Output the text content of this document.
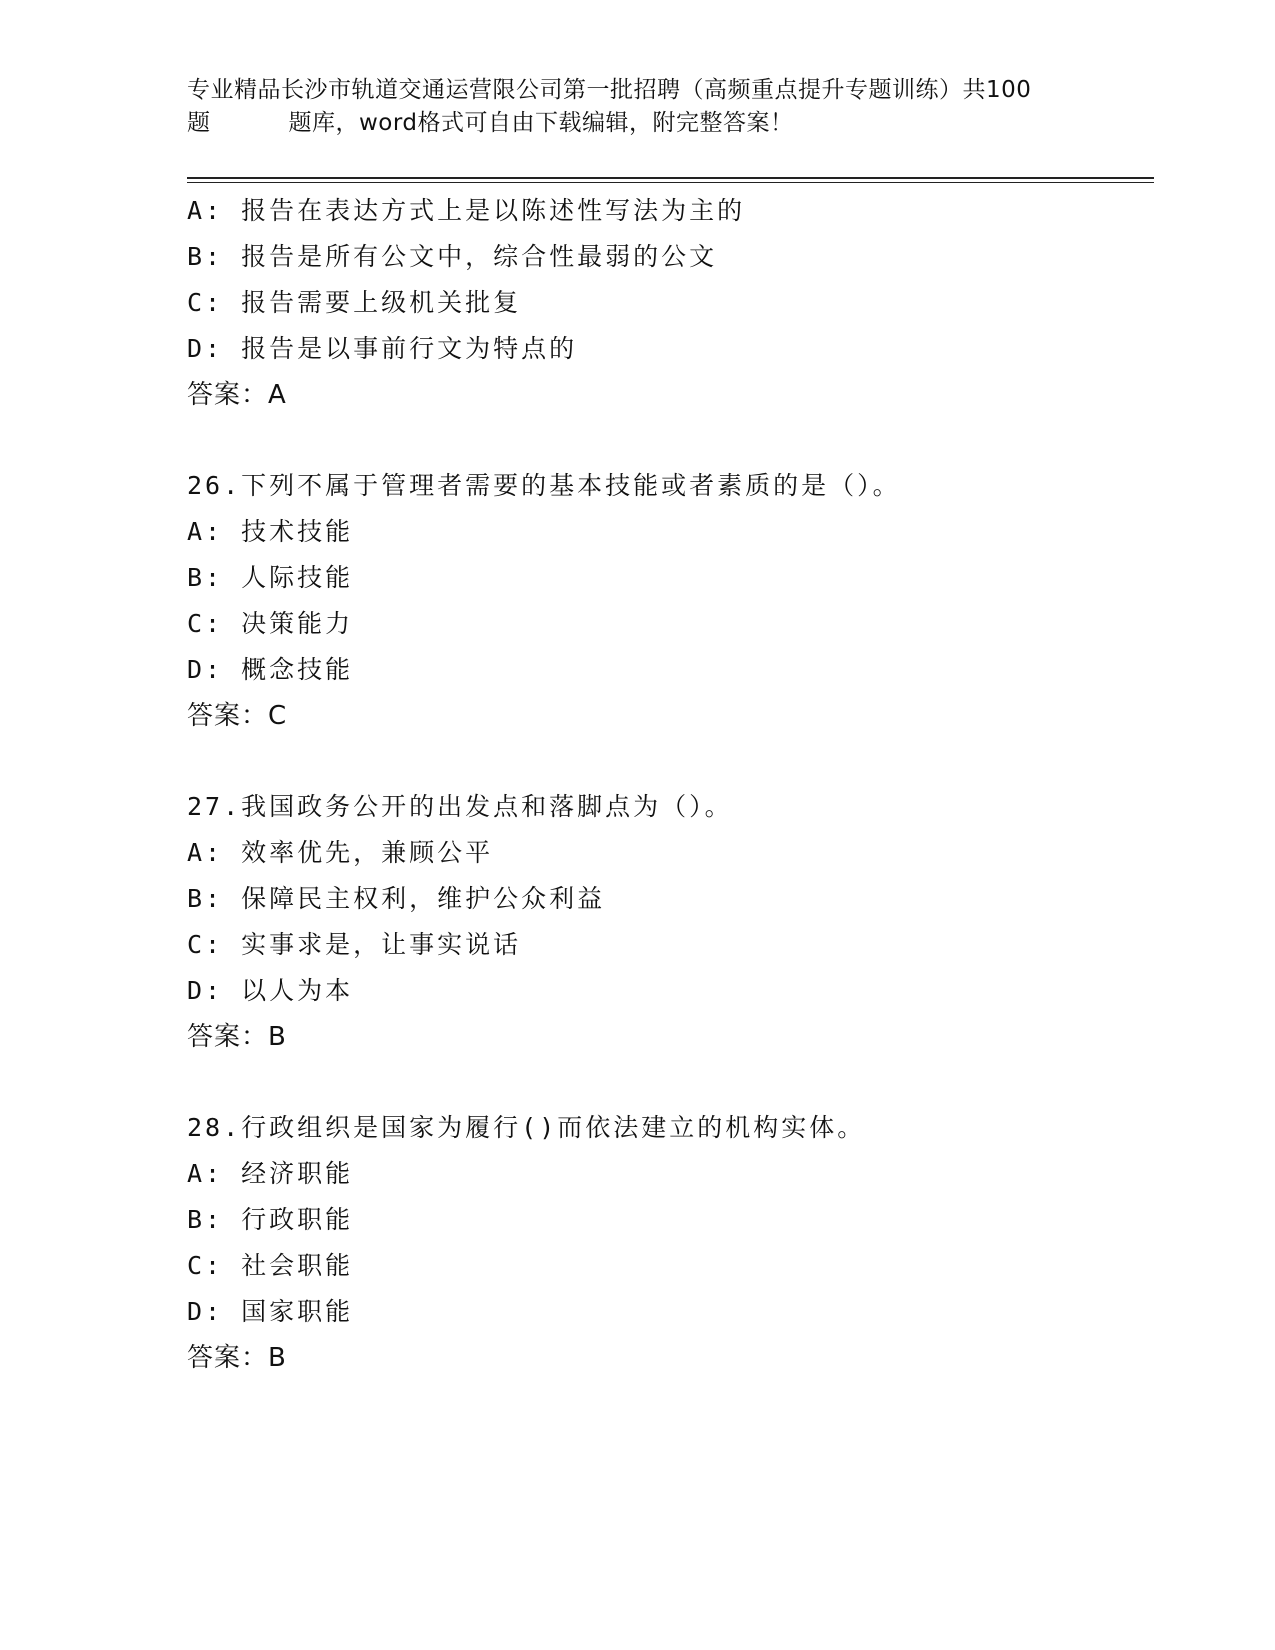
专业精品长沙市轨道交通运营限公司第一批招聘（高频重点提升专题训练）共100
题	题库，word格式可自由下载编辑，附完整答案！
A: 报告在表达方式上是以陈述性写法为主的
B: 报告是所有公文中，综合性最弱的公文
C: 报告需要上级机关批复
D: 报告是以事前行文为特点的
答案：A
26.下列不属于管理者需要的基本技能或者素质的是（）。
A: 技术技能
B: 人际技能
C: 决策能力
D: 概念技能
答案：C
27.我国政务公开的出发点和落脚点为（）。
A: 效率优先，兼顾公平
B: 保障民主权利，维护公众利益
C: 实事求是，让事实说话
D: 以人为本
答案：B
28.行政组织是国家为履行()而依法建立的机构实体。
A: 经济职能
B: 行政职能
C: 社会职能
D: 国家职能
答案：B
